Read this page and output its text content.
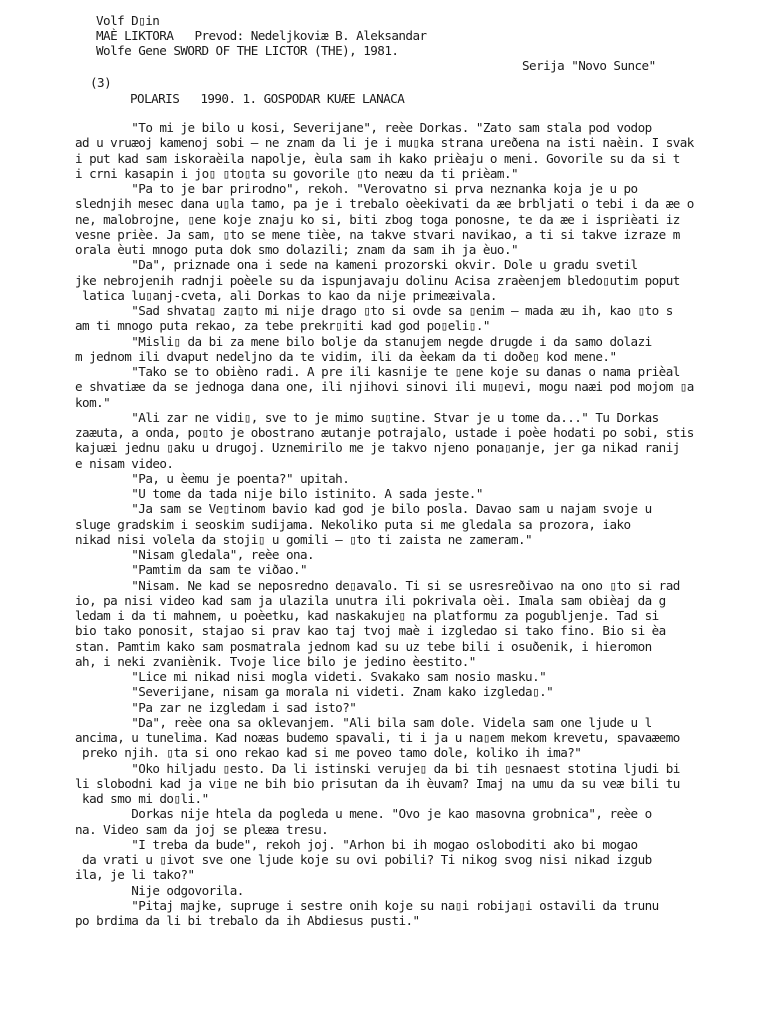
Volf D▯in
MAÈ LIKTORA   Prevod: Nedeljkoviæ B. Aleksandar
Wolfe Gene SWORD OF THE LICTOR (THE), 1981.
Serija "Novo Sunce"
(3)
POLARIS   1990. 1. GOSPODAR KUÆE LANACA
"To mi je bilo u kosi, Severijane", reèe Dorkas. "Zato sam stala pod vodop
ad u vruæoj kamenoj sobi – ne znam da li je i mu▯ka strana ureðena na isti naèin. I svak
i put kad sam iskoraèila napolje, èula sam ih kako prièaju o meni. Govorile su da si t
i crni kasapin i jo▯ ▯to▯ta su govorile ▯to neæu da ti prièam."
"Pa to je bar prirodno", rekoh. "Verovatno si prva neznanka koja je u po
slednjih mesec dana u▯la tamo, pa je i trebalo oèekivati da æe brbljati o tebi i da æe o
ne, malobrojne, ▯ene koje znaju ko si, biti zbog toga ponosne, te da æe i isprièati iz
vesne prièe. Ja sam, ▯to se mene tièe, na takve stvari navikao, a ti si takve izraze m
orala èuti mnogo puta dok smo dolazili; znam da sam ih ja èuo."
"Da", priznade ona i sede na kameni prozorski okvir. Dole u gradu svetil
jke nebrojenih radnji poèele su da ispunjavaju dolinu Acisa zraèenjem bledo▯utim poput
latica lu▯anj-cveta, ali Dorkas to kao da nije primeæivala.
"Sad shvata▯ za▯to mi nije drago ▯to si ovde sa ▯enim – mada æu ih, kao ▯to s
am ti mnogo puta rekao, za tebe prekr▯iti kad god po▯eli▯."
"Misli▯ da bi za mene bilo bolje da stanujem negde drugde i da samo dolazi
m jednom ili dvaput nedeljno da te vidim, ili da èekam da ti doðe▯ kod mene."
"Tako se to obièno radi. A pre ili kasnije te ▯ene koje su danas o nama prièal
e shvatiæe da se jednoga dana one, ili njihovi sinovi ili mu▯evi, mogu naæi pod mojom ▯a
kom."
"Ali zar ne vidi▯, sve to je mimo su▯tine. Stvar je u tome da..." Tu Dorkas
zaæuta, a onda, po▯to je obostrano æutanje potrajalo, ustade i poèe hodati po sobi, stis
kajuæi jednu ▯aku u drugoj. Uznemirilo me je takvo njeno pona▯anje, jer ga nikad ranij
e nisam video.
"Pa, u èemu je poenta?" upitah.
"U tome da tada nije bilo istinito. A sada jeste."
"Ja sam se Ve▯tinom bavio kad god je bilo posla. Davao sam u najam svoje u
sluge gradskim i seoskim sudijama. Nekoliko puta si me gledala sa prozora, iako
nikad nisi volela da stoji▯ u gomili – ▯to ti zaista ne zameram."
"Nisam gledala", reèe ona.
"Pamtim da sam te viðao."
"Nisam. Ne kad se neposredno de▯avalo. Ti si se usresreðivao na ono ▯to si rad
io, pa nisi video kad sam ja ulazila unutra ili pokrivala oèi. Imala sam obièaj da g
ledam i da ti mahnem, u poèetku, kad naskakuje▯ na platformu za pogubljenje. Tad si
bio tako ponosit, stajao si prav kao taj tvoj maè i izgledao si tako fino. Bio si èa
stan. Pamtim kako sam posmatrala jednom kad su uz tebe bili i osuðenik, i hieromon
ah, i neki zvaniènik. Tvoje lice bilo je jedino èestito."
"Lice mi nikad nisi mogla videti. Svakako sam nosio masku."
"Severijane, nisam ga morala ni videti. Znam kako izgleda▯."
"Pa zar ne izgledam i sad isto?"
"Da", reèe ona sa oklevanjem. "Ali bila sam dole. Videla sam one ljude u l
ancima, u tunelima. Kad noæas budemo spavali, ti i ja u na▯em mekom krevetu, spavaæemo
preko njih. ▯ta si ono rekao kad si me poveo tamo dole, koliko ih ima?"
"Oko hiljadu ▯esto. Da li istinski veruje▯ da bi tih ▯esnaest stotina ljudi bi
li slobodni kad ja vi▯e ne bih bio prisutan da ih èuvam? Imaj na umu da su veæ bili tu
kad smo mi do▯li."
Dorkas nije htela da pogleda u mene. "Ovo je kao masovna grobnica", reèe o
na. Video sam da joj se pleæa tresu.
"I treba da bude", rekoh joj. "Arhon bi ih mogao osloboditi ako bi mogao
da vrati u ▯ivot sve one ljude koje su ovi pobili? Ti nikog svog nisi nikad izgub
ila, je li tako?"
Nije odgovorila.
"Pitaj majke, supruge i sestre onih koje su na▯i robija▯i ostavili da trunu
po brdima da li bi trebalo da ih Abdiesus pusti."
